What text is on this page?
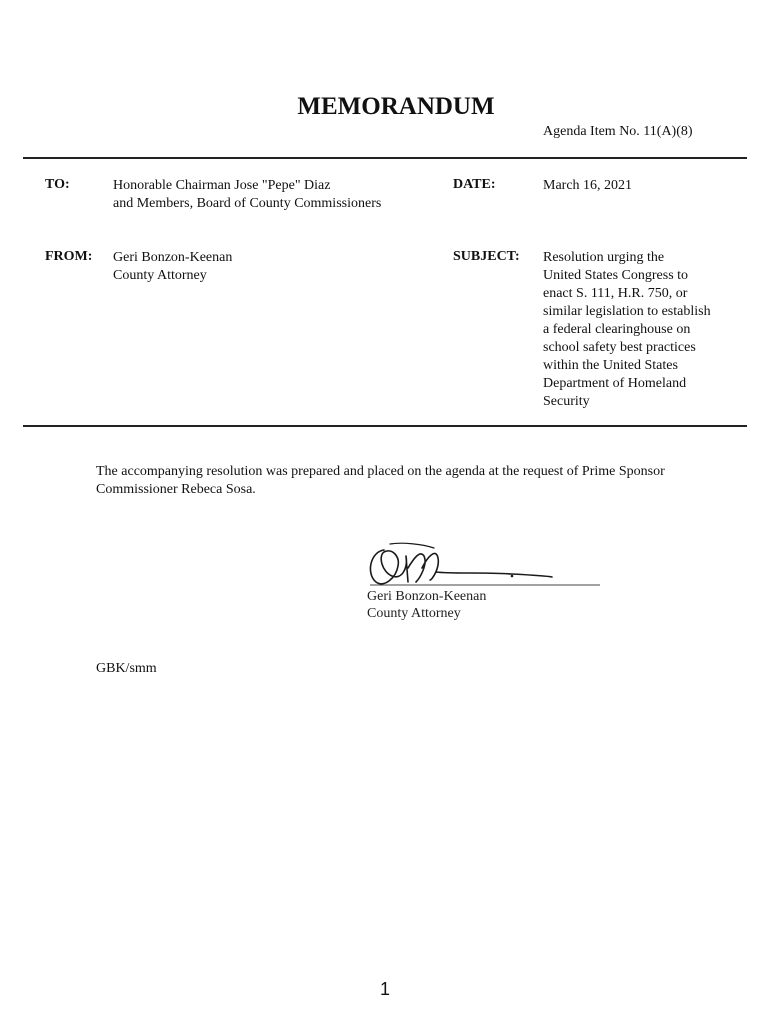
MEMORANDUM
Agenda Item No. 11(A)(8)
TO:	Honorable Chairman Jose "Pepe" Diaz
and Members, Board of County Commissioners
DATE:	March 16, 2021
FROM: Geri Bonzon-Keenan
County Attorney
SUBJECT: Resolution urging the
United States Congress to
enact S. 111, H.R. 750, or
similar legislation to establish
a federal clearinghouse on
school safety best practices
within the United States
Department of Homeland
Security
The accompanying resolution was prepared and placed on the agenda at the request of Prime Sponsor
Commissioner Rebeca Sosa.
Geri Bonzon-Keenan
County Attorney
GBK/smm
1
